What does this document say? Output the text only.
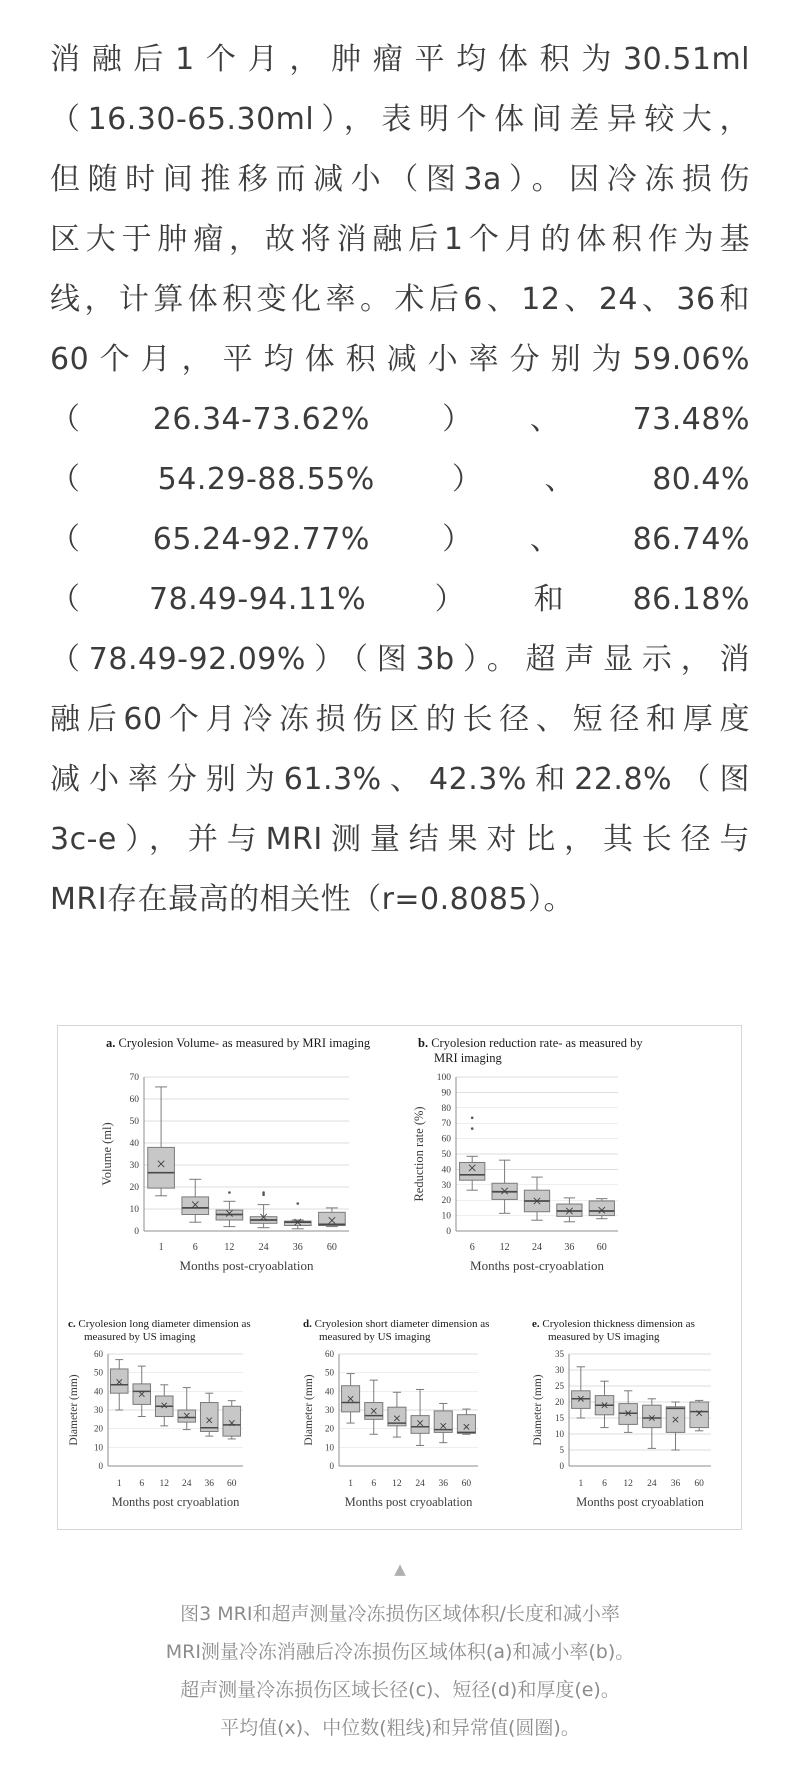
消融后1个月，肿瘤平均体积为30.51ml
（16.30-65.30ml），表明个体间差异较大，
但随时间推移而减小（图3a）。因冷冻损伤
区大于肿瘤，故将消融后1个月的体积作为基
线，计算体积变化率。术后6、12、24、36和
60个月，平均体积减小率分别为59.06%
（26.34-73.62%）、73.48%
（54.29-88.55%）、80.4%
（65.24-92.77%）、86.74%
（78.49-94.11%）和86.18%
（78.49-92.09%）（图3b）。超声显示，消
融后60个月冷冻损伤区的长径、短径和厚度
减小率分别为61.3%、42.3%和22.8%（图
3c-e），并与MRI测量结果对比，其长径与
MRI存在最高的相关性（r=0.8085）。
a. Cryolesion Volume- as measured by MRI imaging
0
10
20
30
40
50
60
70
Volume (ml)
1	6	12 24 36 60
Months post-cryoablation
b. Cryolesion reduction rate- as measured by MRI imaging
0
10
20
30
40
50
60
70
80
90
100
Reduction rate (%)
6 12 24 36 60
Months post-cryoablation
c. Cryolesion long diameter dimension as measured by US imaging
0
10
20
30
40
50
60
Diameter (mm)
1 6 12 24 36 60
Months post cryoablation
d. Cryolesion short diameter dimension as measured by US imaging
0
10
20
30
40
50
60
Diameter (mm)
1 6 12 24 36 60
Months post cryoablation
e. Cryolesion thickness dimension as measured by US imaging
0
5
10
15
20
25
30
35
Diameter (mm)
1 6 12 24 36 60
Months post cryoablation
▲
图3 MRI和超声测量冷冻损伤区域体积/长度和减小率
MRI测量冷冻消融后冷冻损伤区域体积(a)和减小率(b)。
超声测量冷冻损伤区域长径(c)、短径(d)和厚度(e)。
平均值(x)、中位数(粗线)和异常值(圆圈)。
